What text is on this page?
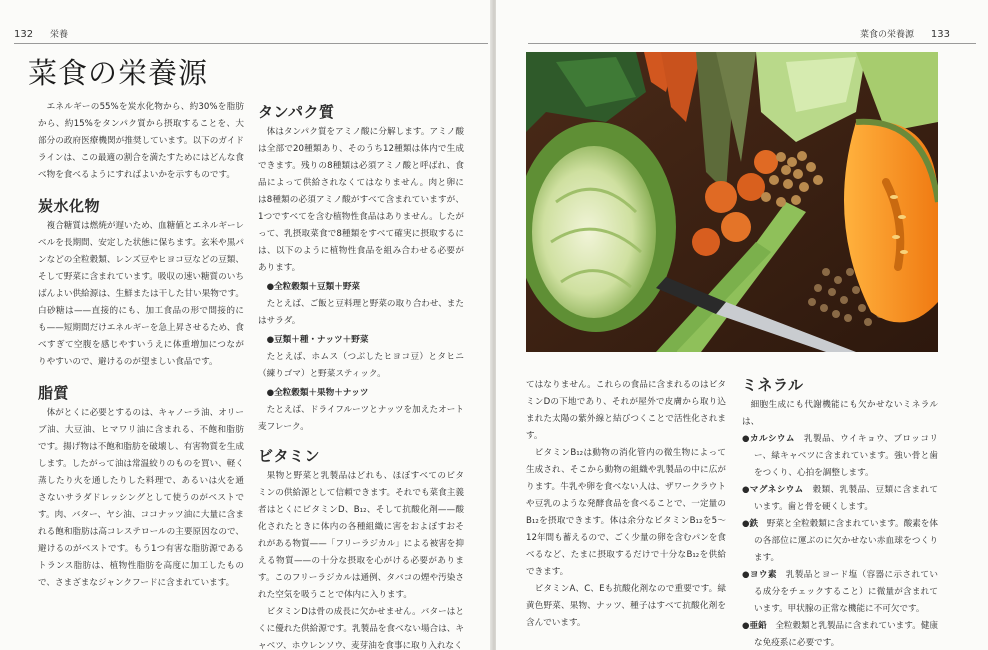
132 栄養
菜食の栄養源

エネルギーの55%を炭水化物から、約30%を脂肪から、約15%をタンパク質から摂取することを、大部分の政府医療機関が推奨しています。以下のガイドラインは、この最適の割合を満たすためにはどんな食べ物を食べるようにすればよいかを示すものです。

炭水化物

複合糖質は燃焼が遅いため、血糖値とエネルギーレベルを長期間、安定した状態に保ちます。玄米や黒パンなどの全粒穀類、レンズ豆やヒヨコ豆などの豆類、そして野菜に含まれています。吸収の速い糖質のいちばんよい供給源は、生鮮または干した甘い果物です。白砂糖は——直接的にも、加工食品の形で間接的にも——短期間だけエネルギーを急上昇させるため、食べすぎて空腹を感じやすいうえに体重増加につながりやすいので、避けるのが望ましい食品です。

脂質

体がとくに必要とするのは、キャノーラ油、オリーブ油、大豆油、ヒマワリ油に含まれる、不飽和脂肪です。揚げ物は不飽和脂肪を破壊し、有害物質を生成します。したがって油は常温絞りのものを買い、軽く蒸したり火を通したりした料理で、あるいは火を通さないサラダドレッシングとして使うのがベストです。肉、バター、ヤシ油、ココナッツ油に大量に含まれる飽和脂肪は高コレステロールの主要原因なので、避けるのがベストです。もう1つ有害な脂肪源であるトランス脂肪は、植物性脂肪を高度に加工したもので、さまざまなジャンクフードに含まれています。

タンパク質

体はタンパク質をアミノ酸に分解します。アミノ酸は全部で20種類あり、そのうち12種類は体内で生成できます。残りの8種類は必須アミノ酸と呼ばれ、食品によって供給されなくてはなりません。肉と卵には8種類の必須アミノ酸がすべて含まれていますが、1つですべてを含む植物性食品はありません。したがって、乳摂取菜食で8種類をすべて確実に摂取するには、以下のように植物性食品を組み合わせる必要があります。

●全粒穀類＋豆類＋野菜

たとえば、ご飯と豆料理と野菜の取り合わせ、またはサラダ。

●豆類＋種・ナッツ＋野菜

たとえば、ホムス（つぶしたヒヨコ豆）とタヒニ（練りゴマ）と野菜スティック。

●全粒穀類＋果物＋ナッツ

たとえば、ドライフルーツとナッツを加えたオート麦フレーク。

ビタミン

果物と野菜と乳製品はどれも、ほぼすべてのビタミンの供給源として信頼できます。それでも菜食主義者はとくにビタミンD、B₁₂、そして抗酸化剤——酸化されたときに体内の各種組織に害をおよぼすおそれがある物質——「フリーラジカル」による被害を抑える物質——の十分な摂取を心がける必要があります。このフリーラジカルは通例、タバコの煙や汚染された空気を吸うことで体内に入ります。

ビタミンDは骨の成長に欠かせません。バターはとくに優れた供給源です。乳製品を食べない場合は、キャベツ、ホウレンソウ、麦芽油を食事に取り入れなく

菜食の栄養源 133

てはなりません。これらの食品に含まれるのはビタミンDの下地であり、それが屋外で皮膚から取り込まれた太陽の紫外線と結びつくことで活性化されます。

ビタミンB₁₂は動物の消化管内の微生物によって生成され、そこから動物の組織や乳製品の中に広がります。牛乳や卵を食べない人は、ザワークラウトや豆乳のような発酵食品を食べることで、一定量のB₁₂を摂取できます。体は余分なビタミンB₁₂を5～12年間も蓄えるので、ごく少量の卵を含むパンを食べるなど、たまに摂取するだけで十分なB₁₂を供給できます。

ビタミンA、C、Eも抗酸化剤なので重要です。緑黄色野菜、果物、ナッツ、種子はすべて抗酸化剤を含んでいます。

ミネラル

細胞生成にも代謝機能にも欠かせないミネラルは、

●カルシウム　 乳製品、ウイキョウ、ブロッコリー、緑キャベツに含まれています。強い骨と歯をつくり、心拍を調整します。
●マグネシウム　 穀類、乳製品、豆類に含まれています。歯と骨を硬くします。
●鉄　 野菜と全粒穀類に含まれています。酸素を体の各部位に運ぶのに欠かせない赤血球をつくります。
●ヨウ素　 乳製品とヨード塩（容器に示されている成分をチェックすること）に微量が含まれています。甲状腺の正常な機能に不可欠です。
●亜鉛　 全粒穀類と乳製品に含まれています。健康な免疫系に必要です。
